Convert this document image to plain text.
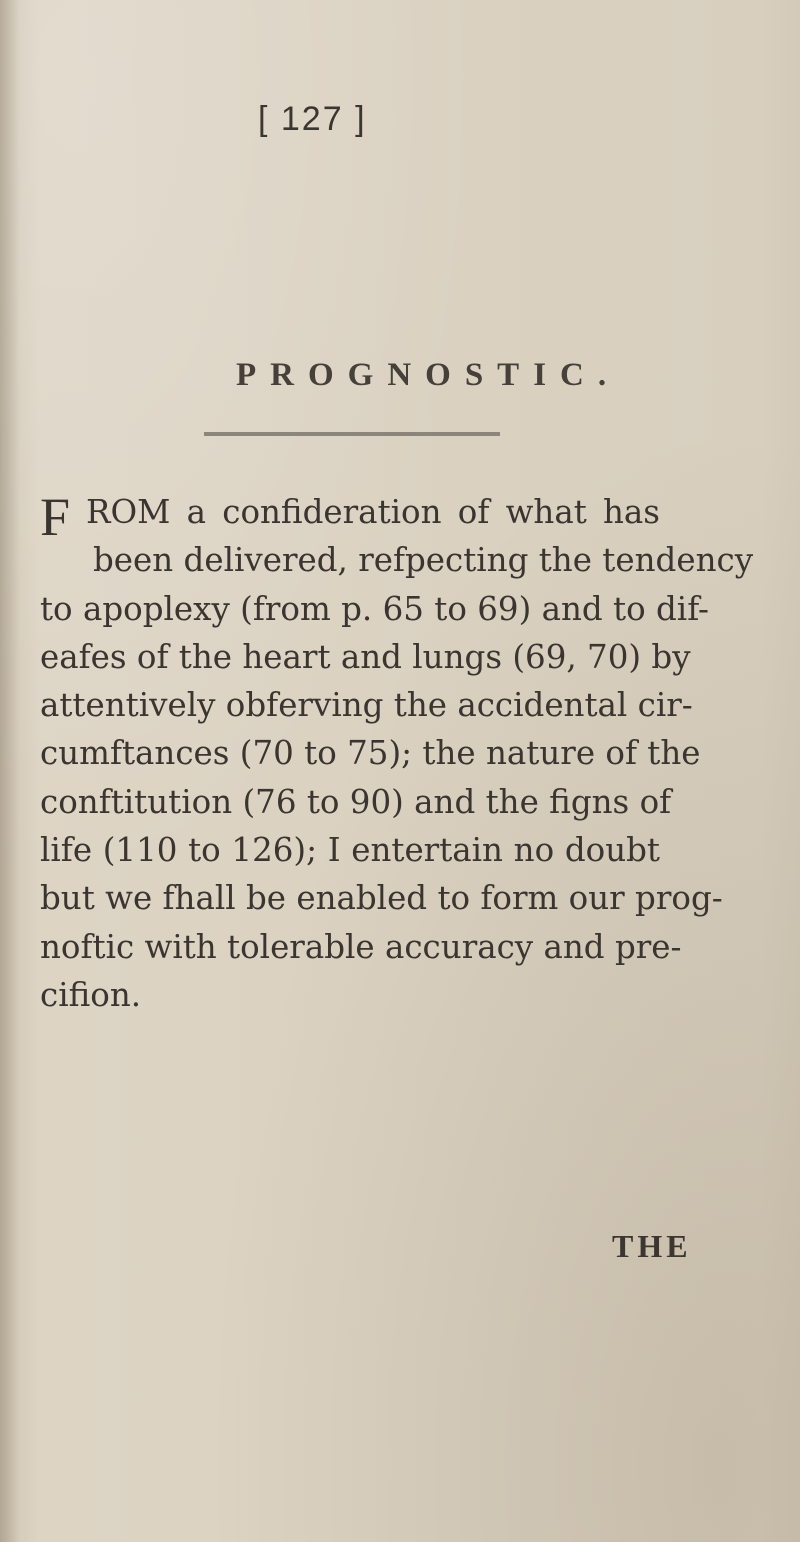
[ 127 ]
PROGNOSTIC.
F ROM a confideration of what has
been delivered, refpecting the tendency
to apoplexy (from p. 65 to 69) and to dif-
eafes of the heart and lungs (69, 70) by
attentively obferving the accidental cir-
cumftances (70 to 75); the nature of the
conftitution (76 to 90) and the figns of
life (110 to 126); I entertain no doubt
but we fhall be enabled to form our prog-
noftic with tolerable accuracy and pre-
cifion.
THE
